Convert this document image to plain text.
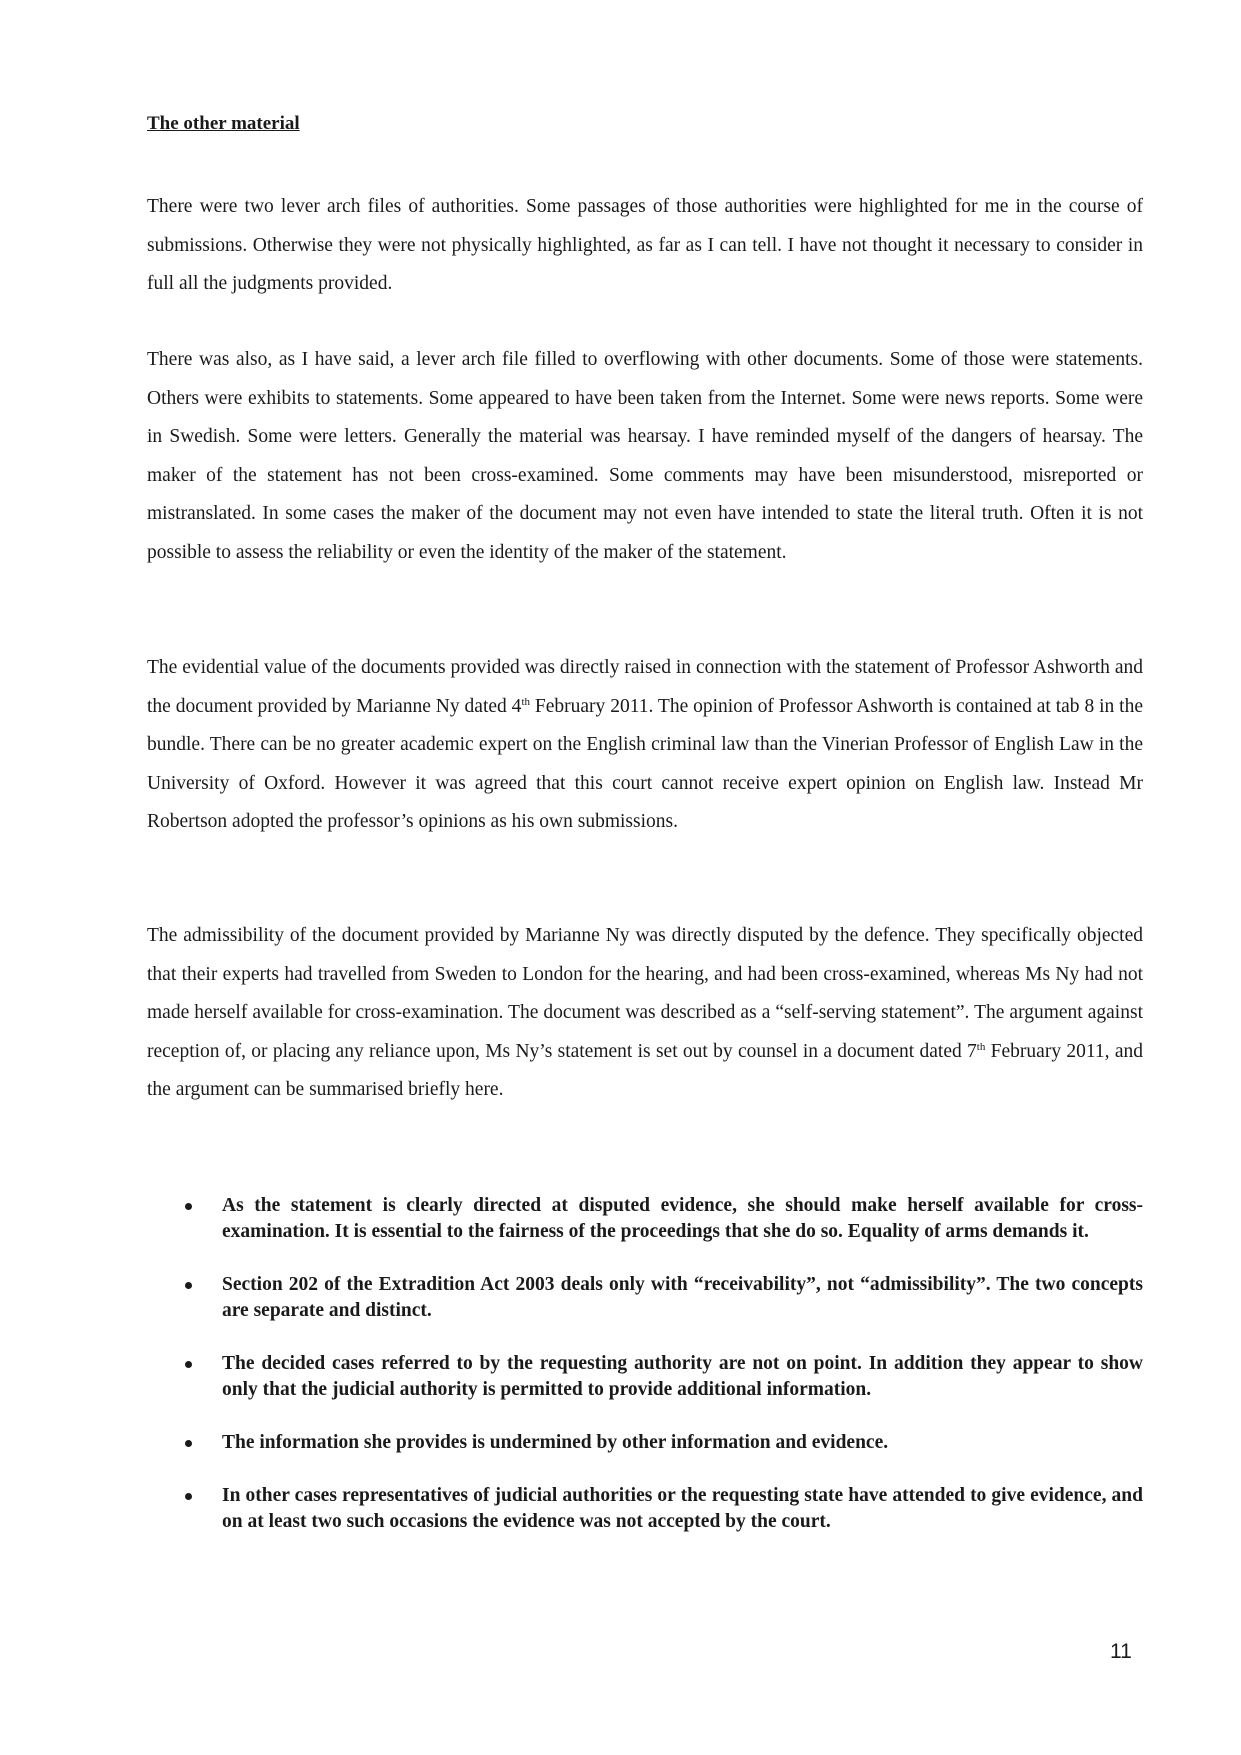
The other material
There were two lever arch files of authorities. Some passages of those authorities were highlighted for me in the course of submissions. Otherwise they were not physically highlighted, as far as I can tell. I have not thought it necessary to consider in full all the judgments provided.
There was also, as I have said, a lever arch file filled to overflowing with other documents. Some of those were statements. Others were exhibits to statements. Some appeared to have been taken from the Internet. Some were news reports. Some were in Swedish. Some were letters. Generally the material was hearsay. I have reminded myself of the dangers of hearsay. The maker of the statement has not been cross-examined. Some comments may have been misunderstood, misreported or mistranslated. In some cases the maker of the document may not even have intended to state the literal truth. Often it is not possible to assess the reliability or even the identity of the maker of the statement.
The evidential value of the documents provided was directly raised in connection with the statement of Professor Ashworth and the document provided by Marianne Ny dated 4th February 2011. The opinion of Professor Ashworth is contained at tab 8 in the bundle. There can be no greater academic expert on the English criminal law than the Vinerian Professor of English Law in the University of Oxford. However it was agreed that this court cannot receive expert opinion on English law. Instead Mr Robertson adopted the professor’s opinions as his own submissions.
The admissibility of the document provided by Marianne Ny was directly disputed by the defence. They specifically objected that their experts had travelled from Sweden to London for the hearing, and had been cross-examined, whereas Ms Ny had not made herself available for cross-examination. The document was described as a “self-serving statement”. The argument against reception of, or placing any reliance upon, Ms Ny’s statement is set out by counsel in a document dated 7th February 2011, and the argument can be summarised briefly here.
As the statement is clearly directed at disputed evidence, she should make herself available for cross-examination. It is essential to the fairness of the proceedings that she do so. Equality of arms demands it.
Section 202 of the Extradition Act 2003 deals only with “receivability”, not “admissibility”. The two concepts are separate and distinct.
The decided cases referred to by the requesting authority are not on point. In addition they appear to show only that the judicial authority is permitted to provide additional information.
The information she provides is undermined by other information and evidence.
In other cases representatives of judicial authorities or the requesting state have attended to give evidence, and on at least two such occasions the evidence was not accepted by the court.
11
